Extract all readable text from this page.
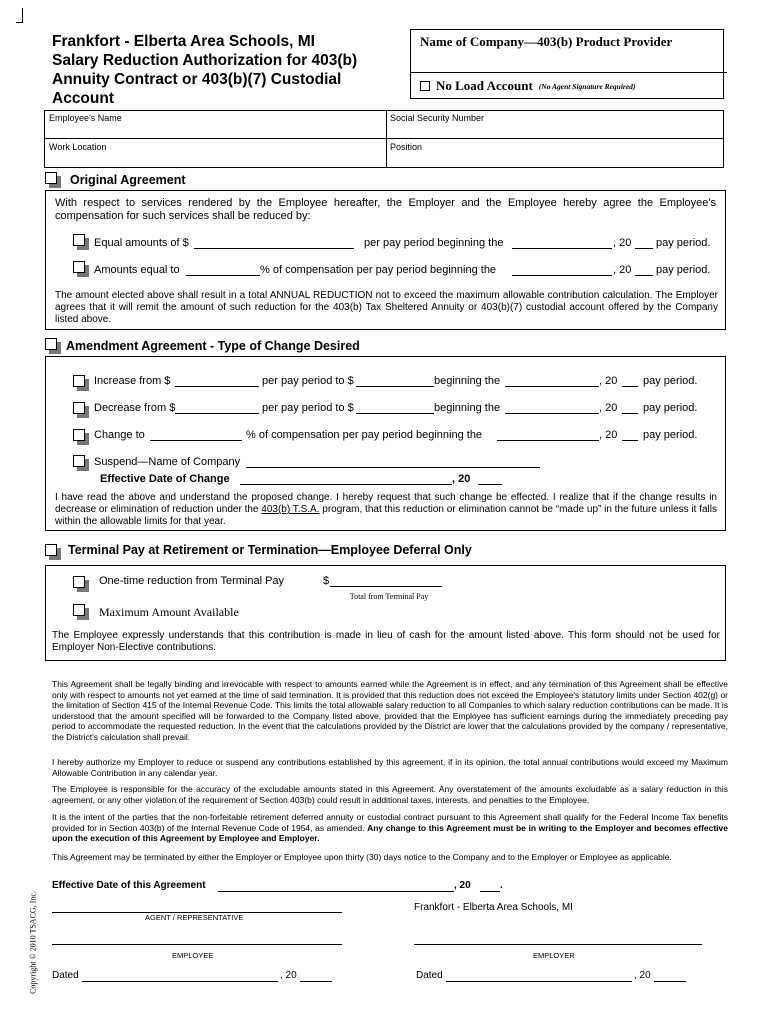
Frankfort - Elberta Area Schools, MI
Salary Reduction Authorization for 403(b)
Annuity Contract or 403(b)(7) Custodial Account
Name of Company—403(b) Product Provider
No Load Account (No Agent Signature Required)
Employee's Name	Social Security Number
Work Location	Position
Original Agreement
With respect to services rendered by the Employee hereafter, the Employer and the Employee hereby agree the Employee's compensation for such services shall be reduced by:
Equal amounts of $	per pay period beginning the	, 20 pay period.
Amounts equal to	% of compensation per pay period beginning the	, 20 pay period.
The amount elected above shall result in a total ANNUAL REDUCTION not to exceed the maximum allowable contribution calculation. The Employer agrees that it will remit the amount of such reduction for the 403(b) Tax Sheltered Annuity or 403(b)(7) custodial account offered by the Company listed above.
Amendment Agreement - Type of Change Desired
Increase from $	per pay period to $	beginning the	, 20 pay period.
Decrease from $	per pay period to $	beginning the	, 20 pay period.
Change to	% of compensation per pay period beginning the	, 20 pay period.
Suspend—Name of Company
Effective Date of Change	, 20
I have read the above and understand the proposed change. I hereby request that such change be effected. I realize that if the change results in decrease or elimination of reduction under the 403(b) T.S.A. program, that this reduction or elimination cannot be “made up” in the future unless it falls within the allowable limits for that year.
Terminal Pay at Retirement or Termination—Employee Deferral Only
One-time reduction from Terminal Pay	$
Total from Terminal Pay
Maximum Amount Available
The Employee expressly understands that this contribution is made in lieu of cash for the amount listed above. This form should not be used for Employer Non-Elective contributions.
This Agreement shall be legally binding and irrevocable with respect to amounts earned while the Agreement is in effect, and any termination of this Agreement shall be effective only with respect to amounts not yet earned at the time of said termination. It is provided that this reduction does not exceed the Employee's statutory limits under Section 402(g) or the limitation of Section 415 of the Internal Revenue Code. This limits the total allowable salary reduction to all Companies to which salary reduction contributions can be made. It is understood that the amount specified will be forwarded to the Company listed above, provided that the Employee has sufficient earnings during the immediately preceding pay period to accommodate the requested reduction. In the event that the calculations provided by the District are lower that the calculations provided by the company / representative, the District's calculation shall prevail.
I hereby authorize my Employer to reduce or suspend any contributions established by this agreement, if in its opinion, the total annual contributions would exceed my Maximum Allowable Contribution in any calendar year.
The Employee is responsible for the accuracy of the excludable amounts stated in this Agreement. Any overstatement of the amounts excludable as a salary reduction in this agreement, or any other violation of the requirement of Section 403(b) could result in additional taxes, interests, and penalties to the Employee.
It is the intent of the parties that the non-forfeitable retirement deferred annuity or custodial contract pursuant to this Agreement shall qualify for the Federal Income Tax benefits provided for in Section 403(b) of the Internal Revenue Code of 1954, as amended. Any change to this Agreement must be in writing to the Employer and becomes effective upon the execution of this Agreement by Employee and Employer.
This Agreement may be terminated by either the Employer or Employee upon thirty (30) days notice to the Company and to the Employer or Employee as applicable.
Effective Date of this Agreement	, 20	.
Frankfort - Elberta Area Schools, MI
AGENT / REPRESENTATIVE
EMPLOYEE	EMPLOYER
Dated	, 20	Dated	, 20
Copyright © 2010 TSACG, Inc.
